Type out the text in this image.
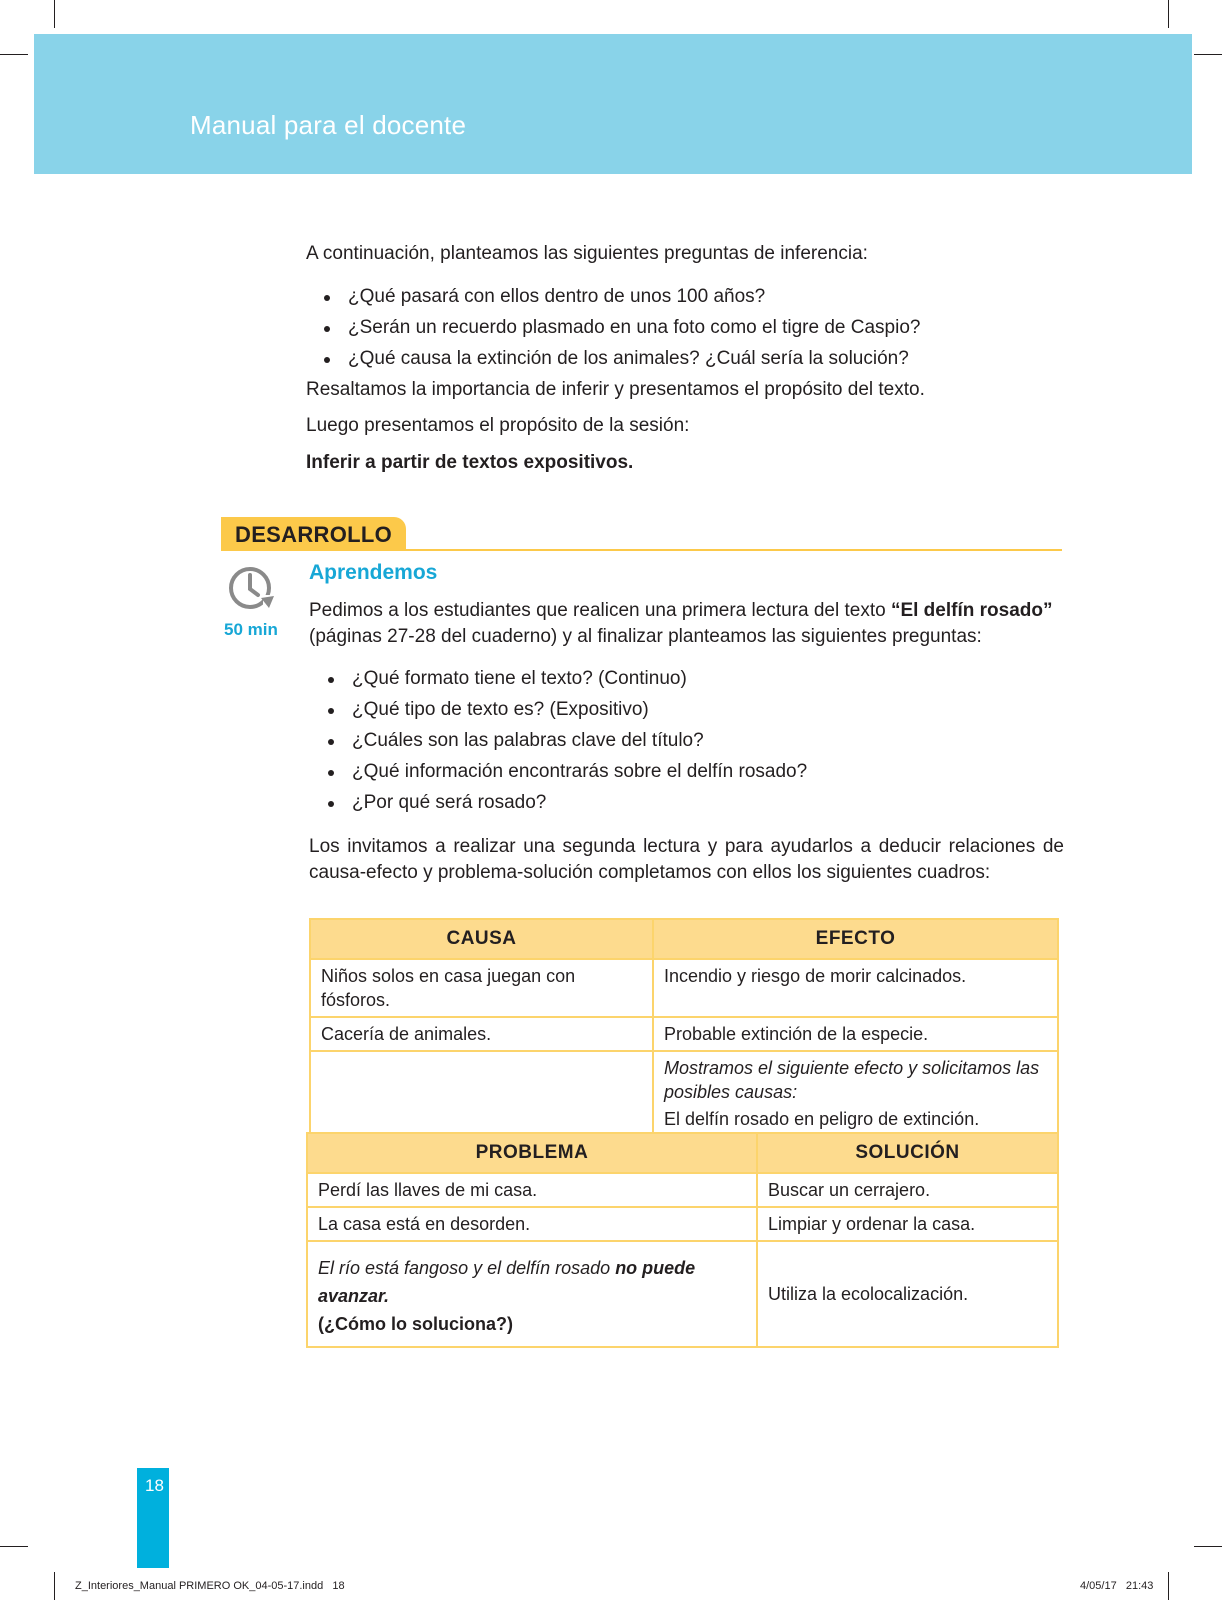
Manual para el docente
A continuación, planteamos las siguientes preguntas de inferencia:
¿Qué pasará con ellos dentro de unos 100 años?
¿Serán un recuerdo plasmado en una foto como el tigre de Caspio?
¿Qué causa la extinción de los animales? ¿Cuál sería la solución?
Resaltamos la importancia de inferir y presentamos el propósito del texto.
Luego presentamos el propósito de la sesión:
Inferir a partir de textos expositivos.
DESARROLLO
50 min
Aprendemos
Pedimos a los estudiantes que realicen una primera lectura del texto “El delfín rosado”
(páginas 27-28 del cuaderno) y al finalizar planteamos las siguientes preguntas:
¿Qué formato tiene el texto? (Continuo)
¿Qué tipo de texto es? (Expositivo)
¿Cuáles son las palabras clave del título?
¿Qué información encontrarás sobre el delfín rosado?
¿Por qué será rosado?
Los invitamos a realizar una segunda lectura y para ayudarlos a deducir relaciones de causa-efecto y problema-solución completamos con ellos los siguientes cuadros:
CAUSA	EFECTO
Niños solos en casa juegan con fósforos.	Incendio y riesgo de morir calcinados.
Cacería de animales.	Probable extinción de la especie.

	Mostramos el siguiente efecto y solicitamos las posibles causas:
El delfín rosado en peligro de extinción.
PROBLEMA	SOLUCIÓN
Perdí las llaves de mi casa.	Buscar un cerrajero.
La casa está en desorden.	Limpiar y ordenar la casa.
El río está fangoso y el delfín rosado no puede avanzar.
(¿Cómo lo soluciona?)	Utiliza la ecolocalización.
18
Z_Interiores_Manual PRIMERO OK_04-05-17.indd   18	4/05/17   21:43
